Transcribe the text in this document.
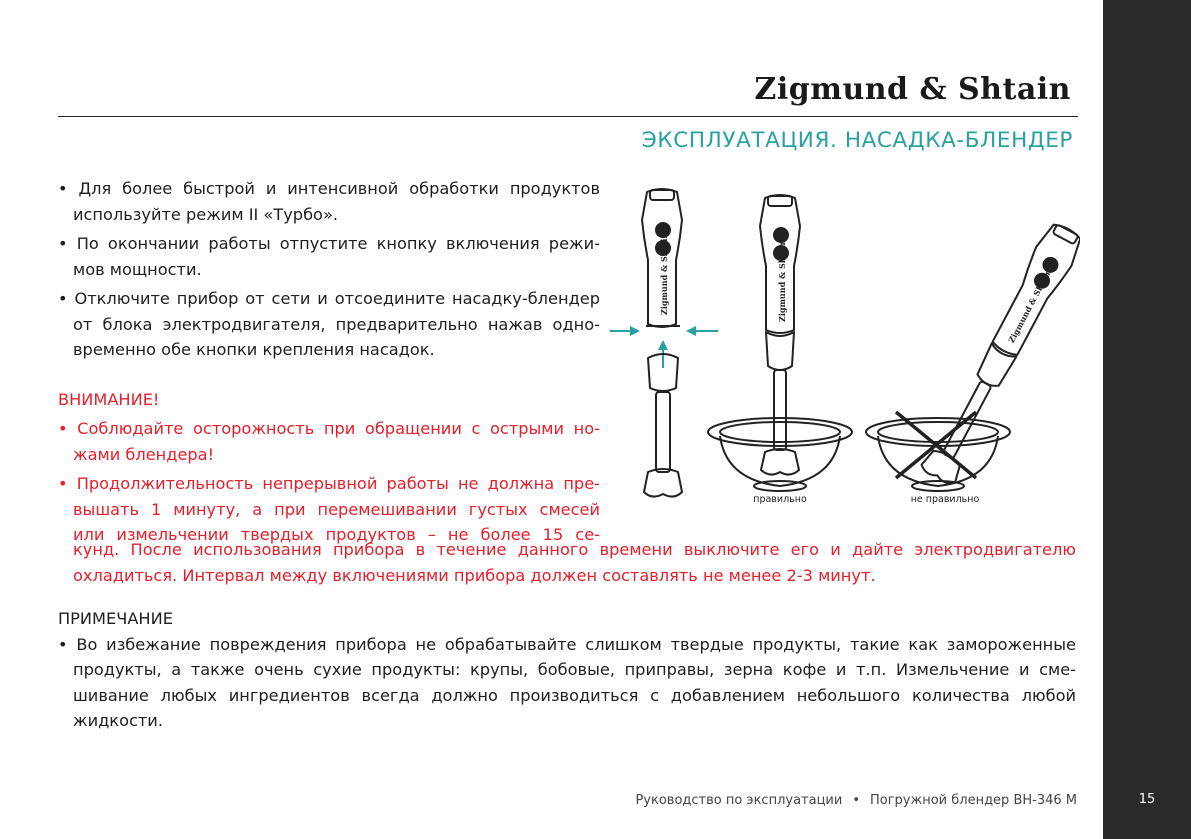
15
Zigmund & Shtain
ЭКСПЛУАТАЦИЯ. НАСАДКА-БЛЕНДЕР
• Для более быстрой и интенсивной обработки продуктов
используйте режим II «Турбо».
• По окончании работы отпустите кнопку включения режи-
мов мощности.
• Отключите прибор от сети и отсоедините насадку-блендер
от блока электродвигателя, предварительно нажав одно-
временно обе кнопки крепления насадок.
ВНИМАНИЕ!
• Соблюдайте осторожность при обращении с острыми но-
жами блендера!
• Продолжительность непрерывной работы не должна пре-
вышать 1 минуту, а при перемешивании густых смесей
или измельчении твердых продуктов – не более 15 се-
кунд. После использования прибора в течение данного времени выключите его и дайте электродвигателю
охладиться. Интервал между включениями прибора должен составлять не менее 2-3 минут.
ПРИМЕЧАНИЕ
• Во избежание повреждения прибора не обрабатывайте слишком твердые продукты, такие как замороженные
продукты, а также очень сухие продукты: крупы, бобовые, приправы, зерна кофе и т.п. Измельчение и сме-
шивание любых ингредиентов всегда должно производиться с добавлением небольшого количества любой
жидкости.
Zigmund & Shtain	Zigmund & Shtain	Zigmund & Shtain
правильно	не правильно
Руководство по эксплуатации • Погружной блендер BH-346 M
